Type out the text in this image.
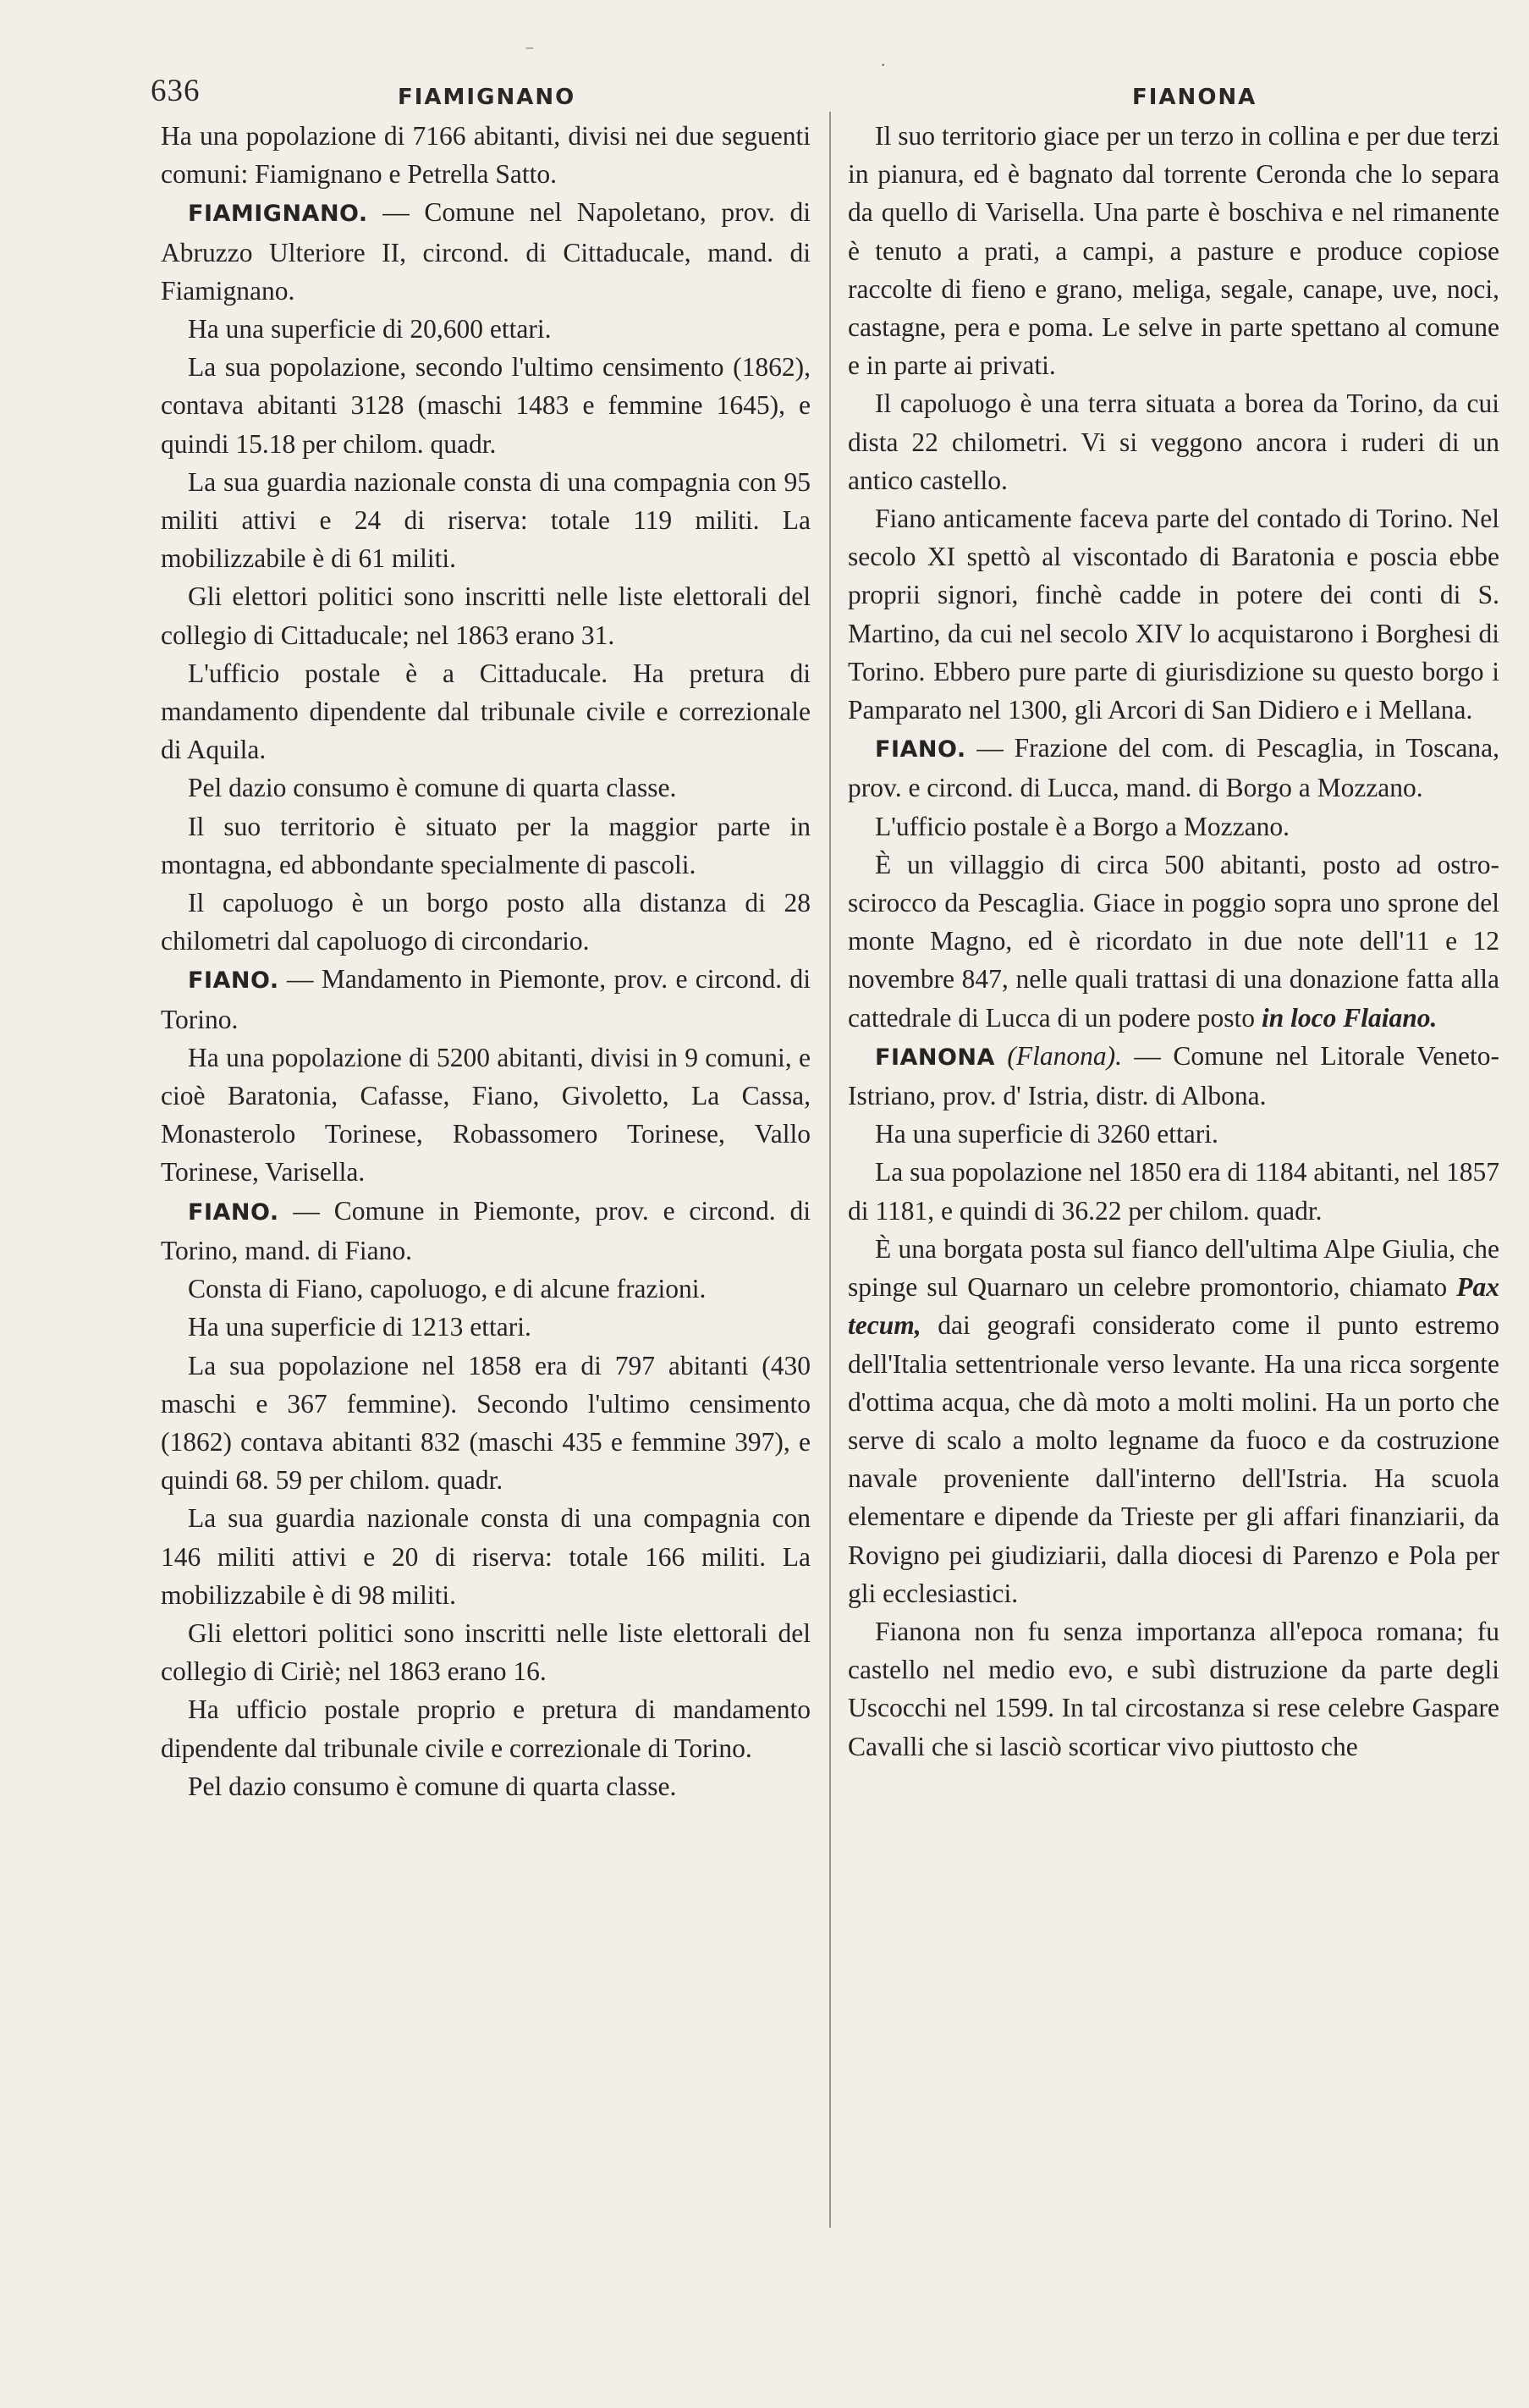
636	FIAMIGNANO	FIANONA
⁻
·

Ha una popolazione di 7166 abitanti, divisi nei due seguenti comuni: Fiamignano e Petrella Satto.

FIAMIGNANO. — Comune nel Napoletano, prov. di Abruzzo Ulteriore II, circond. di Cittaducale, mand. di Fiamignano.

Ha una superficie di 20,600 ettari.

La sua popolazione, secondo l'ultimo censimento (1862), contava abitanti 3128 (maschi 1483 e femmine 1645), e quindi 15.18 per chilom. quadr.

La sua guardia nazionale consta di una compagnia con 95 militi attivi e 24 di riserva: totale 119 militi. La mobilizzabile è di 61 militi.

Gli elettori politici sono inscritti nelle liste elettorali del collegio di Cittaducale; nel 1863 erano 31.

L'ufficio postale è a Cittaducale. Ha pretura di mandamento dipendente dal tribunale civile e correzionale di Aquila.

Pel dazio consumo è comune di quarta classe.

Il suo territorio è situato per la maggior parte in montagna, ed abbondante specialmente di pascoli.

Il capoluogo è un borgo posto alla distanza di 28 chilometri dal capoluogo di circondario.

FIANO. — Mandamento in Piemonte, prov. e circond. di Torino.

Ha una popolazione di 5200 abitanti, divisi in 9 comuni, e cioè Baratonia, Cafasse, Fiano, Givoletto, La Cassa, Monasterolo Torinese, Robassomero Torinese, Vallo Torinese, Varisella.

FIANO. — Comune in Piemonte, prov. e circond. di Torino, mand. di Fiano.

Consta di Fiano, capoluogo, e di alcune frazioni.

Ha una superficie di 1213 ettari.

La sua popolazione nel 1858 era di 797 abitanti (430 maschi e 367 femmine). Secondo l'ultimo censimento (1862) contava abitanti 832 (maschi 435 e femmine 397), e quindi 68. 59 per chilom. quadr.

La sua guardia nazionale consta di una compagnia con 146 militi attivi e 20 di riserva: totale 166 militi. La mobilizzabile è di 98 militi.

Gli elettori politici sono inscritti nelle liste elettorali del collegio di Ciriè; nel 1863 erano 16.

Ha ufficio postale proprio e pretura di mandamento dipendente dal tribunale civile e correzionale di Torino.

Pel dazio consumo è comune di quarta classe.

Il suo territorio giace per un terzo in collina e per due terzi in pianura, ed è bagnato dal torrente Ceronda che lo separa da quello di Varisella. Una parte è boschiva e nel rimanente è tenuto a prati, a campi, a pasture e produce copiose raccolte di fieno e grano, meliga, segale, canape, uve, noci, castagne, pera e poma. Le selve in parte spettano al comune e in parte ai privati.

Il capoluogo è una terra situata a borea da Torino, da cui dista 22 chilometri. Vi si veggono ancora i ruderi di un antico castello.

Fiano anticamente faceva parte del contado di Torino. Nel secolo XI spettò al viscontado di Baratonia e poscia ebbe proprii signori, finchè cadde in potere dei conti di S. Martino, da cui nel secolo XIV lo acquistarono i Borghesi di Torino. Ebbero pure parte di giurisdizione su questo borgo i Pamparato nel 1300, gli Arcori di San Didiero e i Mellana.

FIANO. — Frazione del com. di Pescaglia, in Toscana, prov. e circond. di Lucca, mand. di Borgo a Mozzano.

L'ufficio postale è a Borgo a Mozzano.

È un villaggio di circa 500 abitanti, posto ad ostro-scirocco da Pescaglia. Giace in poggio sopra uno sprone del monte Magno, ed è ricordato in due note dell'11 e 12 novembre 847, nelle quali trattasi di una donazione fatta alla cattedrale di Lucca di un podere posto in loco Flaiano.

FIANONA (Flanona). — Comune nel Litorale Veneto-Istriano, prov. d' Istria, distr. di Albona.

Ha una superficie di 3260 ettari.

La sua popolazione nel 1850 era di 1184 abitanti, nel 1857 di 1181, e quindi di 36.22 per chilom. quadr.

È una borgata posta sul fianco dell'ultima Alpe Giulia, che spinge sul Quarnaro un celebre promontorio, chiamato Pax tecum, dai geografi considerato come il punto estremo dell'Italia settentrionale verso levante. Ha una ricca sorgente d'ottima acqua, che dà moto a molti molini. Ha un porto che serve di scalo a molto legname da fuoco e da costruzione navale proveniente dall'interno dell'Istria. Ha scuola elementare e dipende da Trieste per gli affari finanziarii, da Rovigno pei giudiziarii, dalla diocesi di Parenzo e Pola per gli ecclesiastici.

Fianona non fu senza importanza all'epoca romana; fu castello nel medio evo, e subì distruzione da parte degli Uscocchi nel 1599. In tal circostanza si rese celebre Gaspare Cavalli che si lasciò scorticar vivo piuttosto che
